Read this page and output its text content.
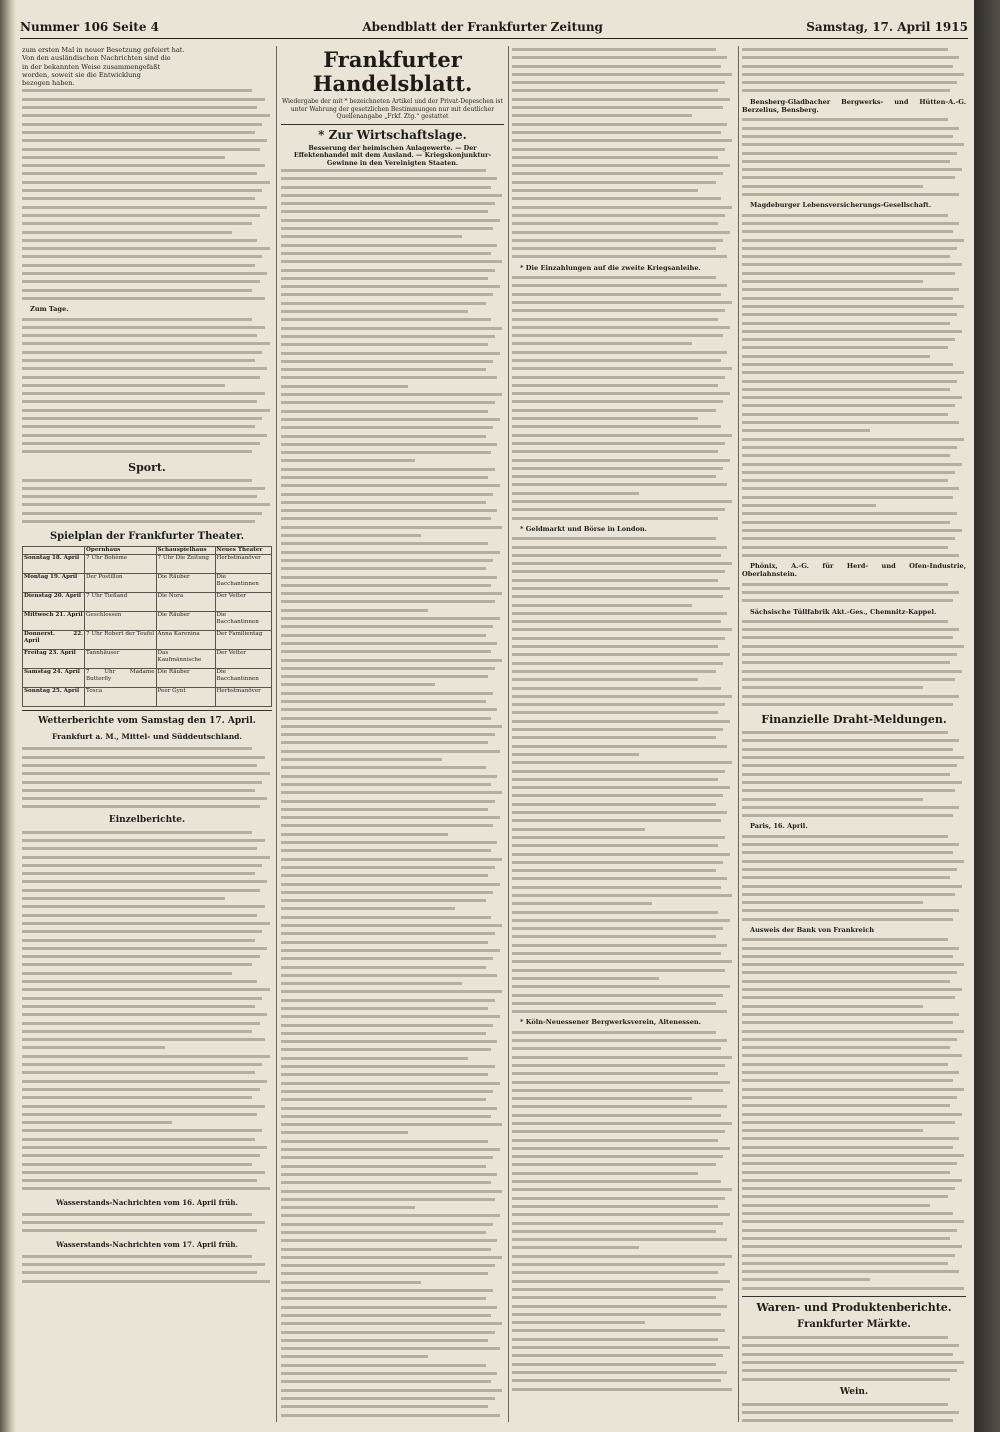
Nummer 106 Seite 4	Abendblatt der Frankfurter Zeitung	Samstag, 17. April 1915
zum ersten Mal in neuer Besetzung gefeiert hat.
Von den ausländischen Nachrichten sind die
in der bekannten Weise zusammengefaßt
worden, soweit sie die Entwicklung
bezogen haben.
Zum Tage.
Sport.
Spielplan der Frankfurter Theater.
	Opernhaus	Schauspielhaus	Neues Theater
Sonntag 18. April	7 Uhr Bohème	7 Uhr Die Zeitung	Herbstmanöver
Montag 19. April	Der Postillon	Die Räuber	Die Bacchantinnen
Dienstag 20. April	7 Uhr Tiefland	Die Nora	Der Vetter
Mittwoch 21. April	Geschlossen	Die Räuber	Die Bacchantinnen
Donnerst. 22. April	7 Uhr Robert der Teufel	Anna Karenina	Der Familientag
Freitag 23. April	Tannhäuser	Das Kaufmännische	Der Vetter
Samstag 24. April	7 Uhr Madame Butterfly	Die Räuber	Die Bacchantinnen
Sonntag 25. April	Tosca	Peer Gynt	Herbstmanöver
Wetterberichte vom Samstag den 17. April.
Frankfurt a. M., Mittel- und Süddeutschland.
Einzelberichte.
Wasserstands-Nachrichten vom 16. April früh.
Wasserstands-Nachrichten vom 17. April früh.
Frankfurter Handelsblatt.
Wiedergabe der mit * bezeichneten Artikel und der Privat-Depeschen ist unter Wahrung der gesetzlichen Bestimmungen nur mit deutlicher Quellenangabe „Frkf. Ztg.“ gestattet
* Zur Wirtschaftslage.
Besserung der heimischen Anlagewerte. — Der Effektenhandel mit dem Ausland. — Kriegskonjunktur-Gewinne in den Vereinigten Staaten.
* Die Einzahlungen auf die zweite Kriegsanleihe.
* Geldmarkt und Börse in London.
* Köln-Neuessener Bergwerksverein, Altenessen.
Bensberg-Gladbacher Bergwerks- und Hütten-A.-G. Berzelius, Bensberg.
Magdeburger Lebensversicherungs-Gesellschaft.
Phönix, A.-G. für Herd- und Ofen-Industrie, Oberlahnstein.
Sächsische Tüllfabrik Akt.-Ges., Chemnitz-Kappel.
Finanzielle Draht-Meldungen.
Paris, 16. April.
Ausweis der Bank von Frankreich
Waren- und Produktenberichte.
Frankfurter Märkte.
Wein.
